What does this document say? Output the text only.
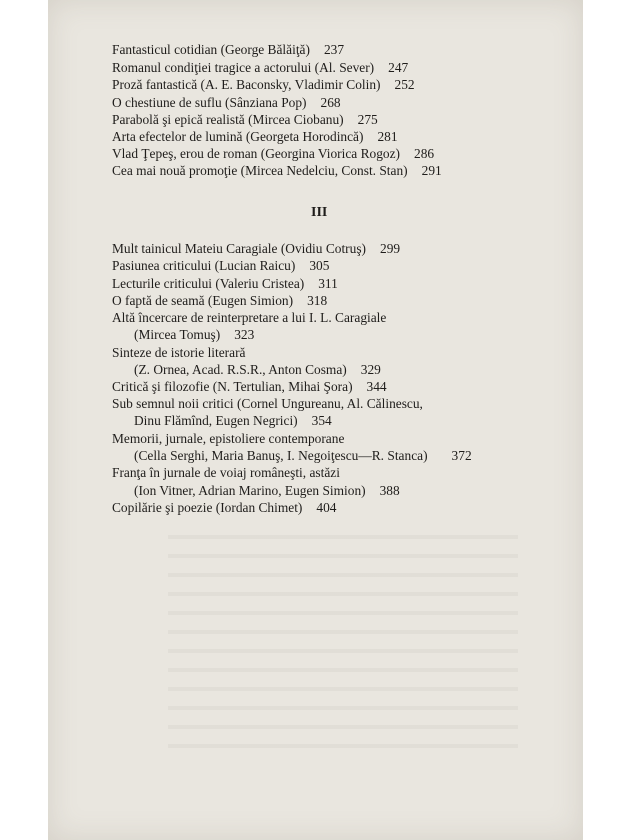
Fantasticul cotidian (George Bălăiţă) 237
Romanul condiţiei tragice a actorului (Al. Sever) 247
Proză fantastică (A. E. Baconsky, Vladimir Colin) 252
O chestiune de suflu (Sânziana Pop) 268
Parabolă şi epică realistă (Mircea Ciobanu) 275
Arta efectelor de lumină (Georgeta Horodincă) 281
Vlad Ţepeş, erou de roman (Georgina Viorica Rogoz) 286
Cea mai nouă promoţie (Mircea Nedelciu, Const. Stan) 291
III
Mult tainicul Mateiu Caragiale (Ovidiu Cotruş) 299
Pasiunea criticului (Lucian Raicu) 305
Lecturile criticului (Valeriu Cristea) 311
O faptă de seamă (Eugen Simion) 318
Altă încercare de reinterpretare a lui I. L. Caragiale
(Mircea Tomuş) 323
Sinteze de istorie literară
(Z. Ornea, Acad. R.S.R., Anton Cosma) 329
Critică şi filozofie (N. Tertulian, Mihai Şora) 344
Sub semnul noii critici (Cornel Ungureanu, Al. Călinescu,
Dinu Flămînd, Eugen Negrici) 354
Memorii, jurnale, epistoliere contemporane
(Cella Serghi, Maria Banuş, I. Negoiţescu—R. Stanca) 372
Franţa în jurnale de voiaj româneşti, astăzi
(Ion Vitner, Adrian Marino, Eugen Simion) 388
Copilărie şi poezie (Iordan Chimet) 404
